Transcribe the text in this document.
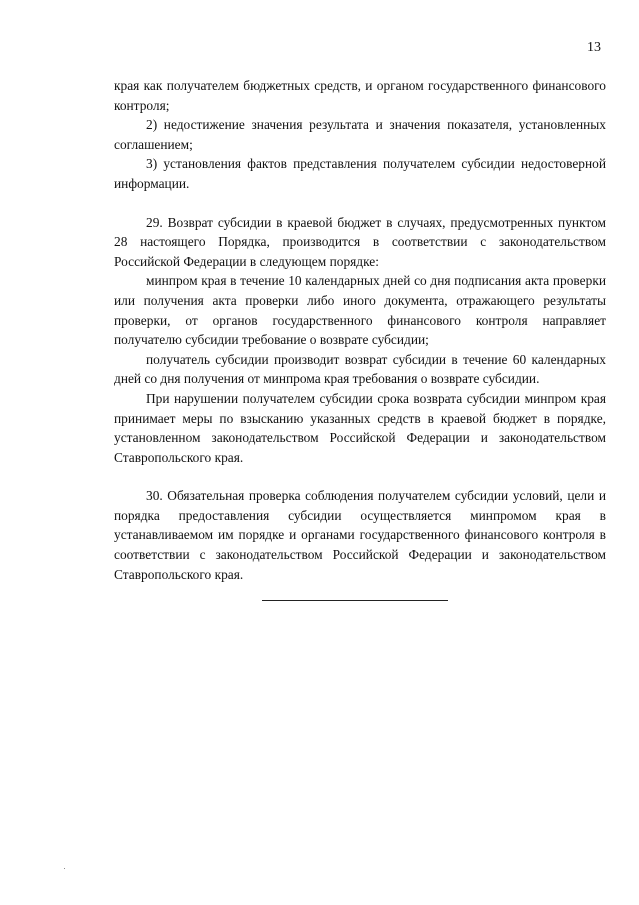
13

края как получателем бюджетных средств, и органом государственного финансового контроля;

2) недостижение значения результата и значения показателя, установленных соглашением;

3) установления фактов представления получателем субсидии недостоверной информации.

29. Возврат субсидии в краевой бюджет в случаях, предусмотренных пунктом 28 настоящего Порядка, производится в соответствии с законодательством Российской Федерации в следующем порядке:

минпром края в течение 10 календарных дней со дня подписания акта проверки или получения акта проверки либо иного документа, отражающего результаты проверки, от органов государственного финансового контроля направляет получателю субсидии требование о возврате субсидии;

получатель субсидии производит возврат субсидии в течение 60 календарных дней со дня получения от минпрома края требования о возврате субсидии.

При нарушении получателем субсидии срока возврата субсидии минпром края принимает меры по взысканию указанных средств в краевой бюджет в порядке, установленном законодательством Российской Федерации и законодательством Ставропольского края.

30. Обязательная проверка соблюдения получателем субсидии условий, цели и порядка предоставления субсидии осуществляется минпромом края в устанавливаемом им порядке и органами государственного финансового контроля в соответствии с законодательством Российской Федерации и законодательством Ставропольского края.
